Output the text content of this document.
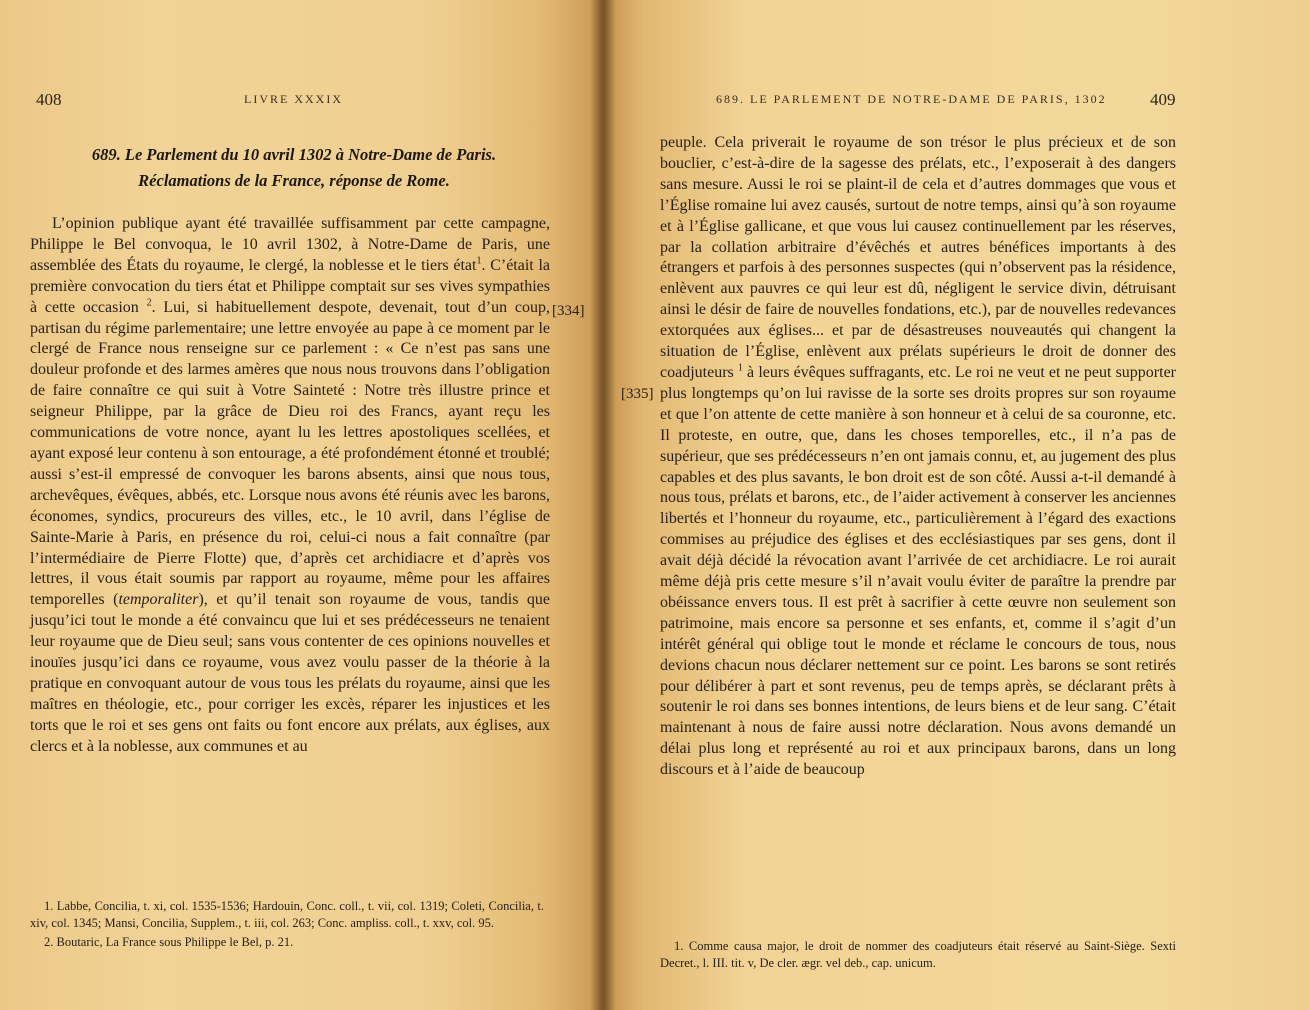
408	LIVRE XXXIX
689. Le Parlement du 10 avril 1302 à Notre-Dame de Paris.
Réclamations de la France, réponse de Rome.

L’opinion publique ayant été travaillée suffisamment par cette campagne, Philippe le Bel convoqua, le 10 avril 1302, à Notre-Dame de Paris, une assemblée des États du royaume, le clergé, la noblesse et le tiers état$^1$. C’était la première convocation du tiers état et Philippe comptait sur ses vives sympathies à cette occasion $^2$. Lui, si habituellement despote, devenait, tout d’un coup, partisan du régime parlementaire; une lettre envoyée au pape à ce moment par le clergé de France nous renseigne sur ce parlement : « Ce n’est pas sans une douleur profonde et des larmes amères que nous nous trouvons dans l’obligation de faire connaître ce qui suit à Votre Sainteté : Notre très illustre prince et seigneur Philippe, par la grâce de Dieu roi des Francs, ayant reçu les communications de votre nonce, ayant lu les lettres apostoliques scellées, et ayant exposé leur contenu à son entourage, a été profondément étonné et troublé; aussi s’est-il empressé de convoquer les barons absents, ainsi que nous tous, archevêques, évêques, abbés, etc. Lorsque nous avons été réunis avec les barons, économes, syndics, procureurs des villes, etc., le 10 avril, dans l’église de Sainte-Marie à Paris, en présence du roi, celui-ci nous a fait connaître (par l’intermédiaire de Pierre Flotte) que, d’après cet archidiacre et d’après vos lettres, il vous était soumis par rapport au royaume, même pour les affaires temporelles (temporaliter), et qu’il tenait son royaume de vous, tandis que jusqu’ici tout le monde a été convaincu que lui et ses prédécesseurs ne tenaient leur royaume que de Dieu seul; sans vous contenter de ces opinions nouvelles et inouïes jusqu’ici dans ce royaume, vous avez voulu passer de la théorie à la pratique en convoquant autour de vous tous les prélats du royaume, ainsi que les maîtres en théologie, etc., pour corriger les excès, réparer les injustices et les torts que le roi et ses gens ont faits ou font encore aux prélats, aux églises, aux clercs et à la noblesse, aux communes et au

[334]

1. Labbe, Concilia, t. xi, col. 1535-1536; Hardouin, Conc. coll., t. vii, col. 1319; Coleti, Concilia, t. xiv, col. 1345; Mansi, Concilia, Supplem., t. iii, col. 263; Conc. ampliss. coll., t. xxv, col. 95.

2. Boutaric, La France sous Philippe le Bel, p. 21.

689. LE PARLEMENT DE NOTRE-DAME DE PARIS, 1302	409

peuple. Cela priverait le royaume de son trésor le plus précieux et de son bouclier, c’est-à-dire de la sagesse des prélats, etc., l’exposerait à des dangers sans mesure. Aussi le roi se plaint-il de cela et d’autres dommages que vous et l’Église romaine lui avez causés, surtout de notre temps, ainsi qu’à son royaume et à l’Église gallicane, et que vous lui causez continuellement par les réserves, par la collation arbitraire d’évêchés et autres bénéfices importants à des étrangers et parfois à des personnes suspectes (qui n’observent pas la résidence, enlèvent aux pauvres ce qui leur est dû, négligent le service divin, détruisant ainsi le désir de faire de nouvelles fondations, etc.), par de nouvelles redevances extorquées aux églises... et par de désastreuses nouveautés qui changent la situation de l’Église, enlèvent aux prélats supérieurs le droit de donner des coadjuteurs $^1$ à leurs évêques suffragants, etc. Le roi ne veut et ne peut supporter plus longtemps qu’on lui ravisse de la sorte ses droits propres sur son royaume et que l’on attente de cette manière à son honneur et à celui de sa couronne, etc. Il proteste, en outre, que, dans les choses temporelles, etc., il n’a pas de supérieur, que ses prédécesseurs n’en ont jamais connu, et, au jugement des plus capables et des plus savants, le bon droit est de son côté. Aussi a-t-il demandé à nous tous, prélats et barons, etc., de l’aider activement à conserver les anciennes libertés et l’honneur du royaume, etc., particulièrement à l’égard des exactions commises au préjudice des églises et des ecclésiastiques par ses gens, dont il avait déjà décidé la révocation avant l’arrivée de cet archidiacre. Le roi aurait même déjà pris cette mesure s’il n’avait voulu éviter de paraître la prendre par obéissance envers tous. Il est prêt à sacrifier à cette œuvre non seulement son patrimoine, mais encore sa personne et ses enfants, et, comme il s’agit d’un intérêt général qui oblige tout le monde et réclame le concours de tous, nous devions chacun nous déclarer nettement sur ce point. Les barons se sont retirés pour délibérer à part et sont revenus, peu de temps après, se déclarant prêts à soutenir le roi dans ses bonnes intentions, de leurs biens et de leur sang. C’était maintenant à nous de faire aussi notre déclaration. Nous avons demandé un délai plus long et représenté au roi et aux principaux barons, dans un long discours et à l’aide de beaucoup

[335]

1. Comme causa major, le droit de nommer des coadjuteurs était réservé au Saint-Siège. Sexti Decret., l. III. tit. v, De cler. ægr. vel deb., cap. unicum.
